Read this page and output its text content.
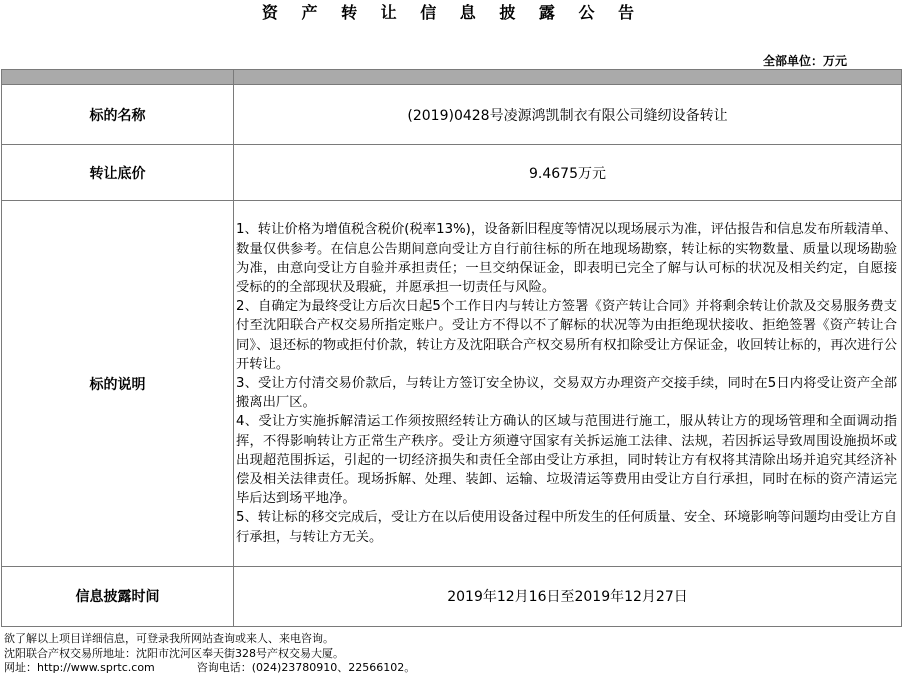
资 产 转 让 信 息 披 露 公 告
全部单位：万元

标的名称	(2019)0428号凌源鸿凯制衣有限公司缝纫设备转让
转让底价	9.4675万元
标的说明	1、转让价格为增值税含税价(税率13%)，设备新旧程度等情况以现场展示为准，评估报告和信息发布所载清单、数量仅供参考。在信息公告期间意向受让方自行前往标的所在地现场勘察，转让标的实物数量、质量以现场勘验为准，由意向受让方自验并承担责任；一旦交纳保证金，即表明已完全了解与认可标的状况及相关约定，自愿接受标的的全部现状及瑕疵，并愿承担一切责任与风险。

2、自确定为最终受让方后次日起5个工作日内与转让方签署《资产转让合同》并将剩余转让价款及交易服务费支付至沈阳联合产权交易所指定账户。受让方不得以不了解标的状况等为由拒绝现状接收、拒绝签署《资产转让合同》、退还标的物或拒付价款，转让方及沈阳联合产权交易所有权扣除受让方保证金，收回转让标的，再次进行公开转让。

3、受让方付清交易价款后，与转让方签订安全协议，交易双方办理资产交接手续，同时在5日内将受让资产全部搬离出厂区。

4、受让方实施拆解清运工作须按照经转让方确认的区域与范围进行施工，服从转让方的现场管理和全面调动指挥，不得影响转让方正常生产秩序。受让方须遵守国家有关拆运施工法律、法规，若因拆运导致周围设施损坏或出现超范围拆运，引起的一切经济损失和责任全部由受让方承担，同时转让方有权将其清除出场并追究其经济补偿及相关法律责任。现场拆解、处理、装卸、运输、垃圾清运等费用由受让方自行承担，同时在标的资产清运完毕后达到场平地净。

5、转让标的移交完成后，受让方在以后使用设备过程中所发生的任何质量、安全、环境影响等问题均由受让方自行承担，与转让方无关。

信息披露时间	2019年12月16日至2019年12月27日
欲了解以上项目详细信息，可登录我所网站查询或来人、来电咨询。
沈阳联合产权交易所地址：沈阳市沈河区奉天街328号产权交易大厦。
网址：http://www.sprtc.com	咨询电话：(024)23780910、22566102。
